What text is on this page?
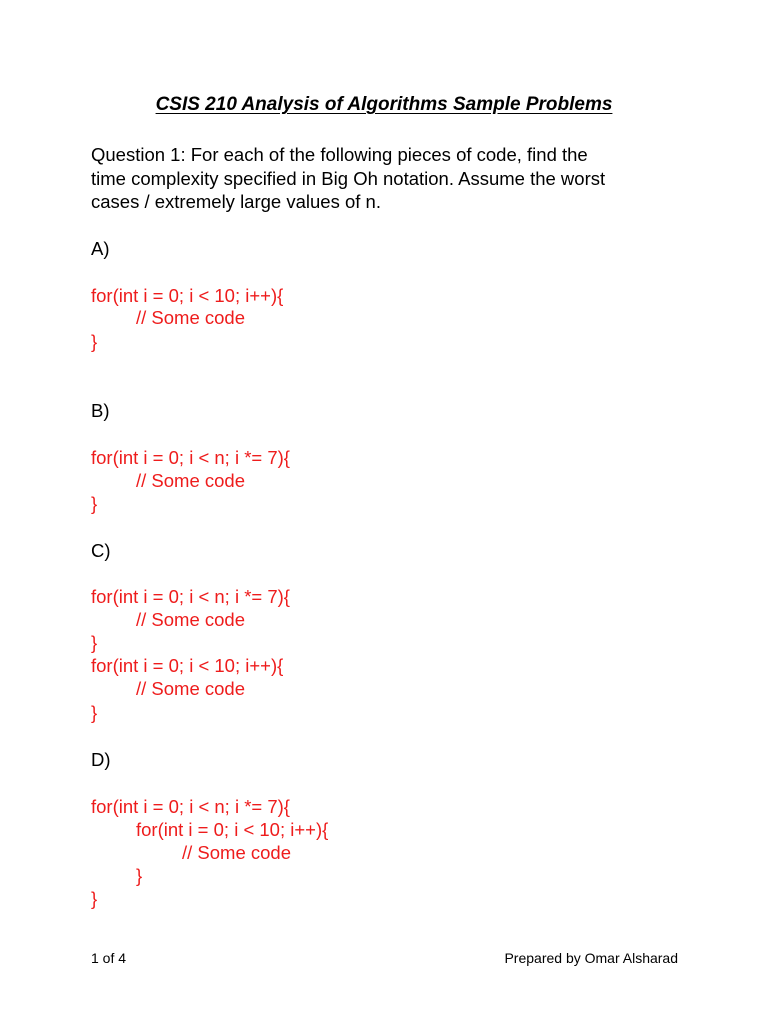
CSIS 210 Analysis of Algorithms Sample Problems
Question 1: For each of the following pieces of code, find the
time complexity specified in Big Oh notation. Assume the worst
cases / extremely large values of n.
A)
for(int i = 0; i < 10; i++){
// Some code
}
B)
for(int i = 0; i < n; i *= 7){
// Some code
}
C)
for(int i = 0; i < n; i *= 7){
// Some code
}
for(int i = 0; i < 10; i++){
// Some code
}
D)
for(int i = 0; i < n; i *= 7){
for(int i = 0; i < 10; i++){
// Some code
}
}
1 of 4	Prepared by Omar Alsharad
